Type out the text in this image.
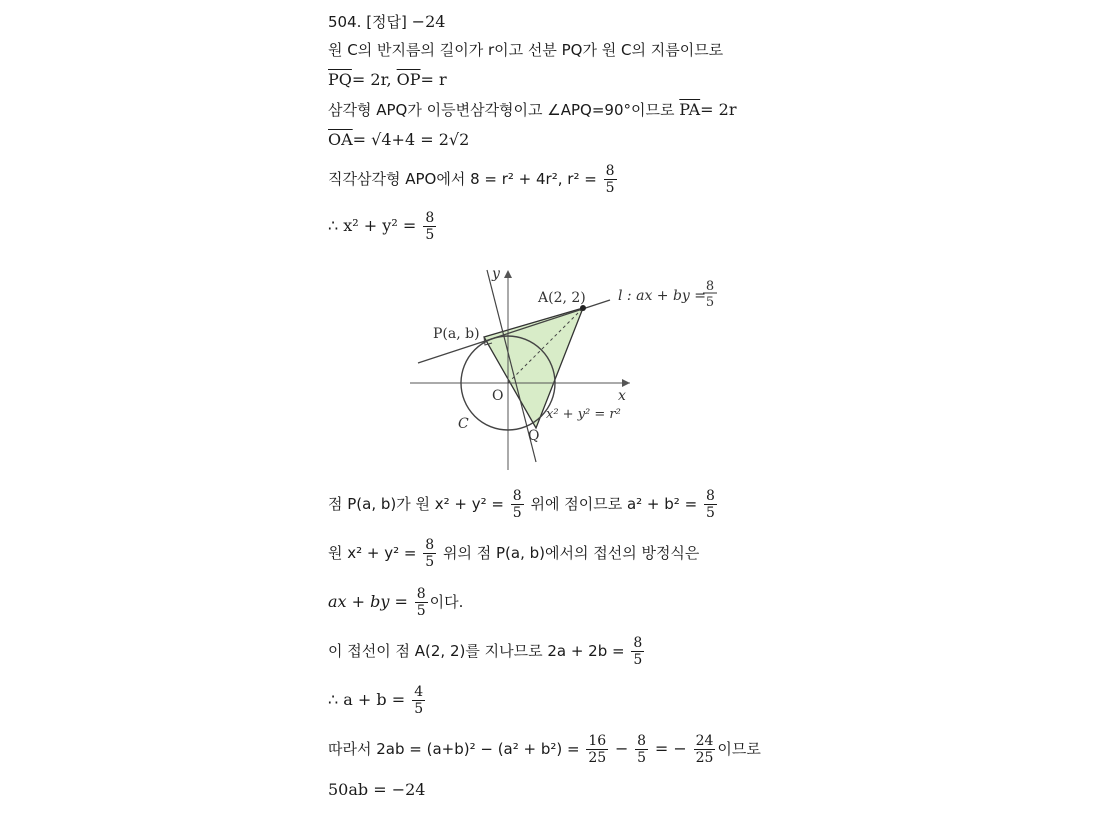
504. [정답] −24
원 C의 반지름의 길이가 r이고 선분 PQ가 원 C의 지름이므로
$\overline{PQ}= 2r$, $\overline{OP}= r$
삼각형 APQ가 이등변삼각형이고 ∠APQ=90°이므로 $\overline{PA}= 2r$
$\overline{OA}= √4+4 = 2√2$
직각삼각형 APO에서 8 = r² + 4r², $r^2 = \frac{8}{5}$
∴ $x^2 + y^2 = \frac{8}{5}$
y
x
O
A(2, 2)
P(a, b)
Q
C
l : ax + by =
8
5
x² + y² = r²
점 P(a, b)가 원 $x^2 + y^2 = \frac{8}{5}$ 위에 점이므로 $a^2 + b^2 = \frac{8}{5}$
원 $x^2 + y^2 = \frac{8}{5}$ 위의 점 P(a, b)에서의 접선의 방정식은
ax + by = $\frac{8}{5}$ 이다.
이 접선이 점 A(2, 2)를 지나므로 $2a + 2b = \frac{8}{5}$
∴ $a + b = \frac{4}{5}$
따라서 $2ab = (a+b)^2 - (a^2 + b^2) = \frac{16}{25} - \frac{8}{5}$ = − $\frac{24}{25}$ 이므로
50ab = −24
